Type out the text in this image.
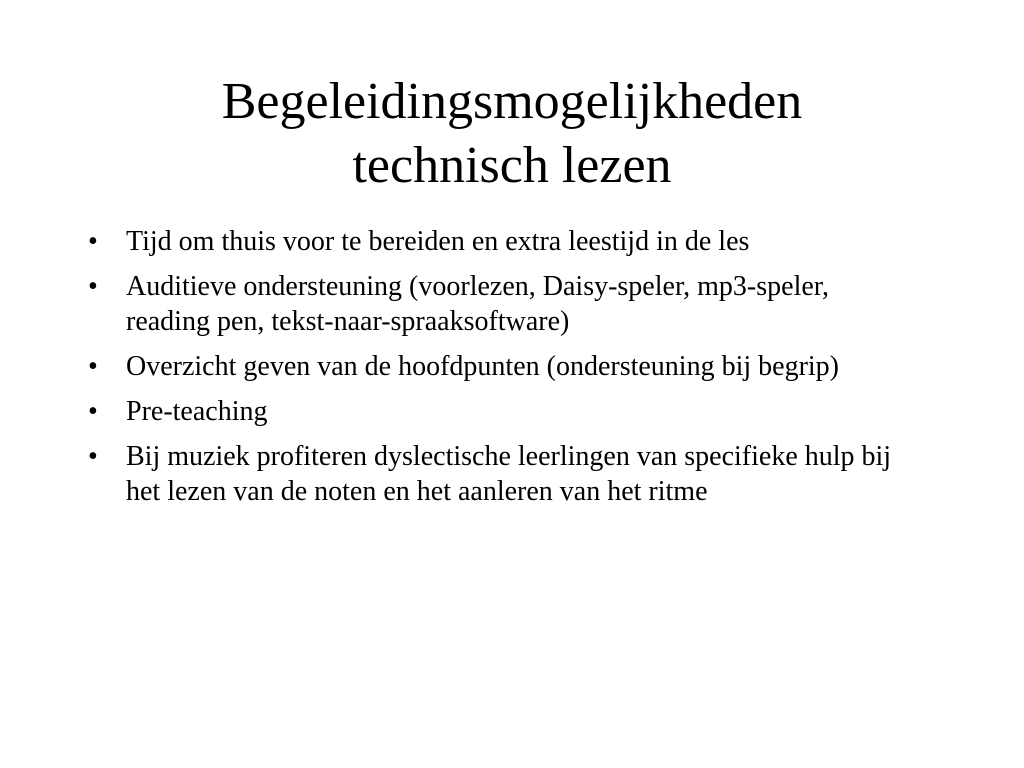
Begeleidingsmogelijkheden
technisch lezen
• Tijd om thuis voor te bereiden en extra leestijd in de les
• Auditieve ondersteuning (voorlezen, Daisy-speler, mp3-speler, reading pen, tekst-naar-spraaksoftware)
• Overzicht geven van de hoofdpunten (ondersteuning bij begrip)
• Pre-teaching
• Bij muziek profiteren dyslectische leerlingen van specifieke hulp bij het lezen van de noten en het aanleren van het ritme
